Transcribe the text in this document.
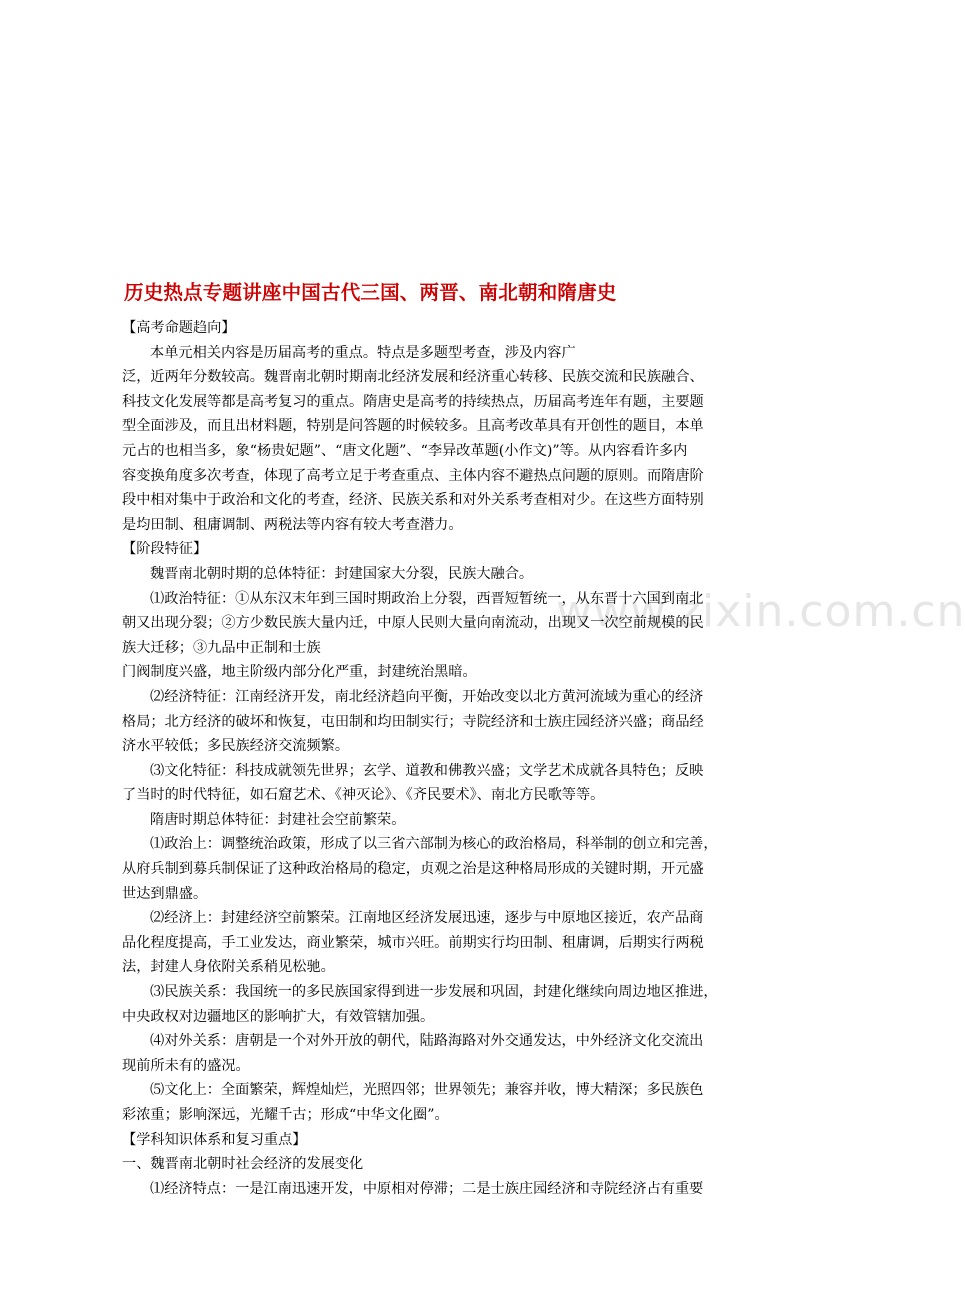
www.zixin.com.cn
历史热点专题讲座中国古代三国、两晋、南北朝和隋唐史
【高考命题趋向】
本单元相关内容是历届高考的重点。特点是多题型考查，涉及内容广
泛，近两年分数较高。魏晋南北朝时期南北经济发展和经济重心转移、民族交流和民族融合、
科技文化发展等都是高考复习的重点。隋唐史是高考的持续热点，历届高考连年有题，主要题
型全面涉及，而且出材料题，特别是问答题的时候较多。且高考改革具有开创性的题目，本单
元占的也相当多，象“杨贵妃题”、“唐文化题”、“李异改革题(小作文)”等。从内容看许多内
容变换角度多次考查，体现了高考立足于考查重点、主体内容不避热点问题的原则。而隋唐阶
段中相对集中于政治和文化的考查，经济、民族关系和对外关系考查相对少。在这些方面特别
是均田制、租庸调制、两税法等内容有较大考查潜力。
【阶段特征】
魏晋南北朝时期的总体特征：封建国家大分裂，民族大融合。
⑴政治特征：①从东汉末年到三国时期政治上分裂，西晋短暂统一，从东晋十六国到南北
朝又出现分裂；②方少数民族大量内迁，中原人民则大量向南流动，出现又一次空前规模的民
族大迁移；③九品中正制和士族
门阀制度兴盛，地主阶级内部分化严重，封建统治黑暗。
⑵经济特征：江南经济开发，南北经济趋向平衡，开始改变以北方黄河流域为重心的经济
格局；北方经济的破坏和恢复，屯田制和均田制实行；寺院经济和士族庄园经济兴盛；商品经
济水平较低；多民族经济交流频繁。
⑶文化特征：科技成就领先世界；玄学、道教和佛教兴盛；文学艺术成就各具特色；反映
了当时的时代特征，如石窟艺术、《神灭论》、《齐民要术》、南北方民歌等等。
隋唐时期总体特征：封建社会空前繁荣。
⑴政治上：调整统治政策，形成了以三省六部制为核心的政治格局，科举制的创立和完善，
从府兵制到募兵制保证了这种政治格局的稳定，贞观之治是这种格局形成的关键时期，开元盛
世达到鼎盛。
⑵经济上：封建经济空前繁荣。江南地区经济发展迅速，逐步与中原地区接近，农产品商
品化程度提高，手工业发达，商业繁荣，城市兴旺。前期实行均田制、租庸调，后期实行两税
法，封建人身依附关系稍见松驰。
⑶民族关系：我国统一的多民族国家得到进一步发展和巩固，封建化继续向周边地区推进，
中央政权对边疆地区的影响扩大，有效管辖加强。
⑷对外关系：唐朝是一个对外开放的朝代，陆路海路对外交通发达，中外经济文化交流出
现前所未有的盛况。
⑸文化上：全面繁荣，辉煌灿烂，光照四邻；世界领先；兼容并收，博大精深；多民族色
彩浓重；影响深远，光耀千古；形成“中华文化圈”。
【学科知识体系和复习重点】
一、魏晋南北朝时社会经济的发展变化
⑴经济特点：一是江南迅速开发，中原相对停滞；二是士族庄园经济和寺院经济占有重要
